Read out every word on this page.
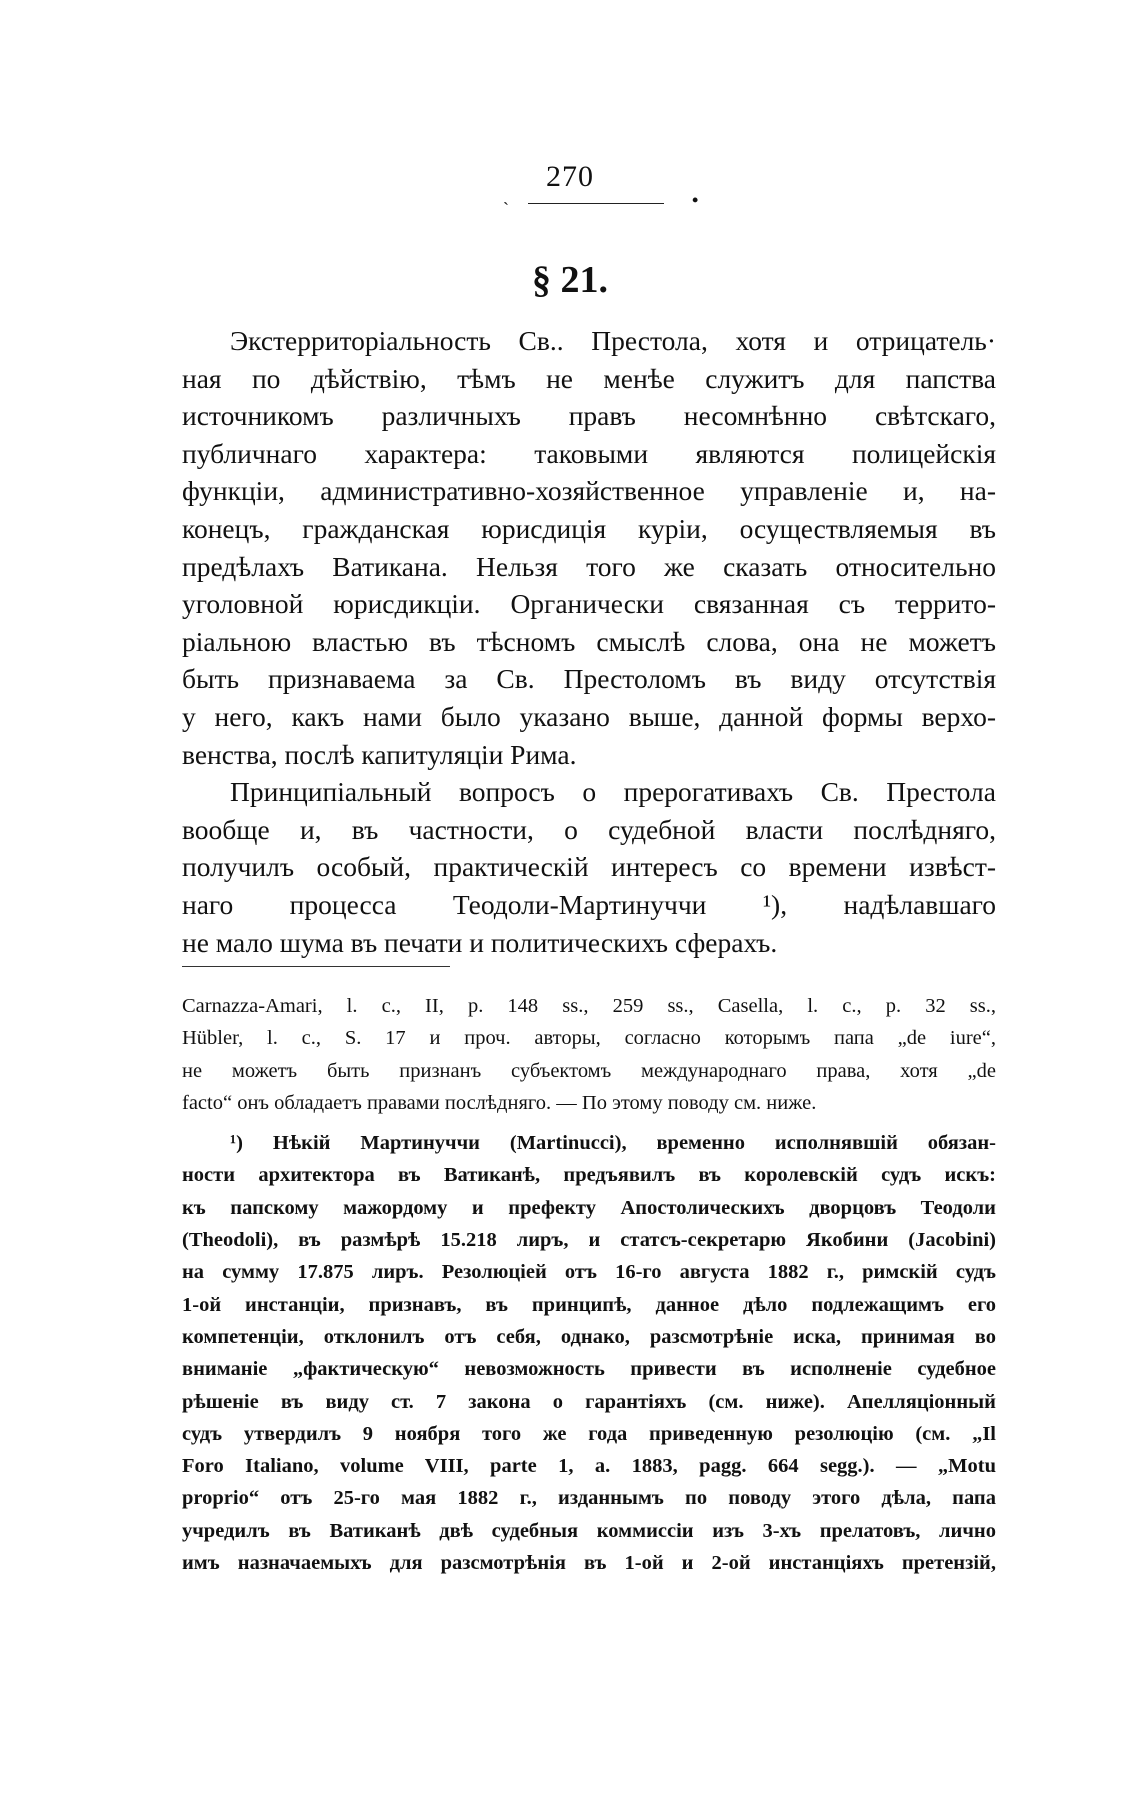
ˎ
270
•
§ 21.
Экстерриторіальность Св.. Престола, хотя и отрицатель·
ная по дѣйствію, тѣмъ не менѣе служитъ для папства
источникомъ различныхъ правъ несомнѣнно свѣтскаго,
публичнаго характера: таковыми являются полицейскія
функціи, административно-хозяйственное управленіе и, на-
конецъ, гражданская юрисдиція куріи, осуществляемыя въ
предѣлахъ Ватикана. Нельзя того же сказать относительно
уголовной юрисдикціи. Органически связанная съ террито-
ріальною властью въ тѣсномъ смыслѣ слова, она не можетъ
быть признаваема за Св. Престоломъ въ виду отсутствія
у него, какъ нами было указано выше, данной формы верхо-
венства, послѣ капитуляціи Рима.
Принципіальный вопросъ о прерогативахъ Св. Престола
вообще и, въ частности, о судебной власти послѣдняго,
получилъ особый, практическій интересъ со времени извѣст-
наго процесса Теодоли-Мартинуччи ¹), надѣлавшаго
не мало шума въ печати и политическихъ сферахъ.
Carnazza-Amari, l. c., II, p. 148 ss., 259 ss., Casella, l. c., p. 32 ss.,
Hübler, l. c., S. 17 и проч. авторы, согласно которымъ папа „de iure“,
не можетъ быть признанъ субъектомъ международнаго права, хотя „de
facto“ онъ обладаетъ правами послѣдняго. — По этому поводу см. ниже.
¹) Нѣкій Мартинуччи (Martinucci), временно исполнявшій обязан-
ности архитектора въ Ватиканѣ, предъявилъ въ королевскій судъ искъ:
къ папскому мажордому и префекту Апостолическихъ дворцовъ Теодоли
(Theodoli), въ размѣрѣ 15.218 лиръ, и статсъ-секретарю Якобини (Jacobini)
на сумму 17.875 лиръ. Резолюціей отъ 16-го августа 1882 г., римскій судъ
1-ой инстанціи, признавъ, въ принципѣ, данное дѣло подлежащимъ его
компетенціи, отклонилъ отъ себя, однако, разсмотрѣніе иска, принимая во
вниманіе „фактическую“ невозможность привести въ исполненіе судебное
рѣшеніе въ виду ст. 7 закона о гарантіяхъ (см. ниже). Апелляціонный
судъ утвердилъ 9 ноября того же года приведенную резолюцію (см. „Il
Foro Italiano, volume VIII, parte 1, a. 1883, pagg. 664 segg.). — „Motu
proprio“ отъ 25-го мая 1882 г., изданнымъ по поводу этого дѣла, папа
учредилъ въ Ватиканѣ двѣ судебныя коммиссіи изъ 3-хъ прелатовъ, лично
имъ назначаемыхъ для разсмотрѣнія въ 1-ой и 2-ой инстанціяхъ претензій,
